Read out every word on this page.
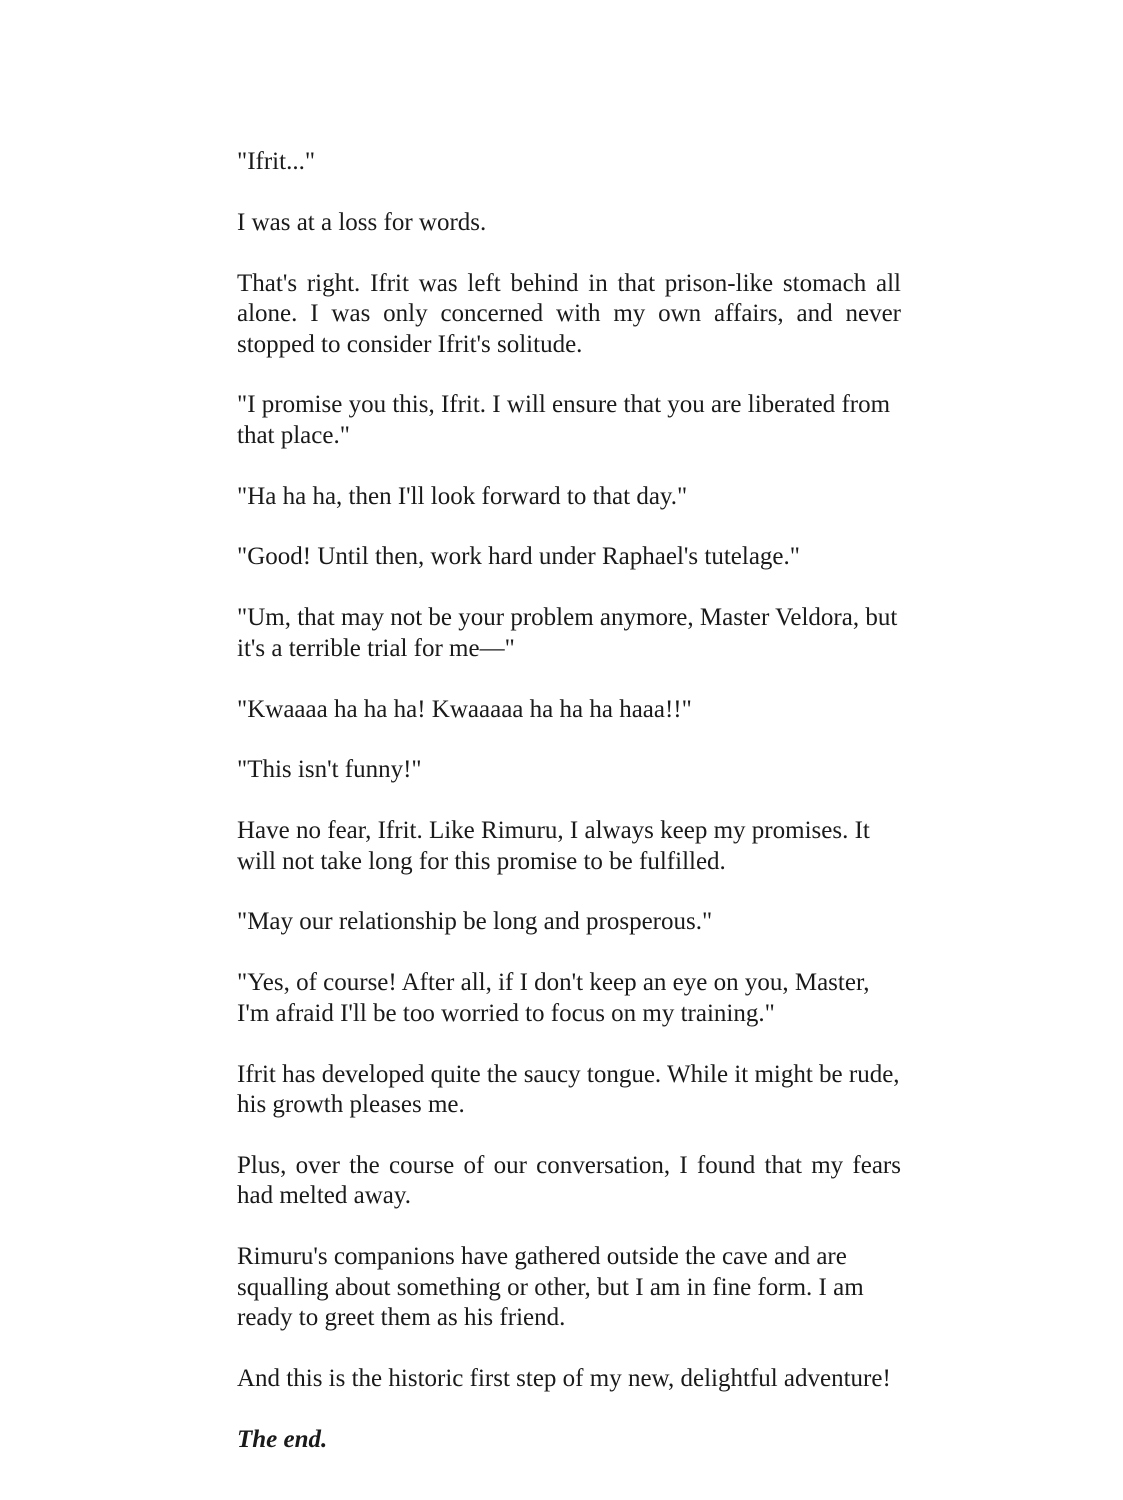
"Ifrit..."

I was at a loss for words.

That's right. Ifrit was left behind in that prison-like stomach all alone. I was only concerned with my own affairs, and never stopped to consider Ifrit's solitude.

"I promise you this, Ifrit. I will ensure that you are liberated from that place."

"Ha ha ha, then I'll look forward to that day."

"Good! Until then, work hard under Raphael's tutelage."

"Um, that may not be your problem anymore, Master Veldora, but it's a terrible trial for me—"

"Kwaaaa ha ha ha! Kwaaaaa ha ha ha haaa!!"

"This isn't funny!"

Have no fear, Ifrit. Like Rimuru, I always keep my promises. It will not take long for this promise to be fulfilled.

"May our relationship be long and prosperous."

"Yes, of course! After all, if I don't keep an eye on you, Master, I'm afraid I'll be too worried to focus on my training."

Ifrit has developed quite the saucy tongue. While it might be rude, his growth pleases me.

Plus, over the course of our conversation, I found that my fears had melted away.

Rimuru's companions have gathered outside the cave and are squalling about something or other, but I am in fine form. I am ready to greet them as his friend.

And this is the historic first step of my new, delightful adventure!

The end.
